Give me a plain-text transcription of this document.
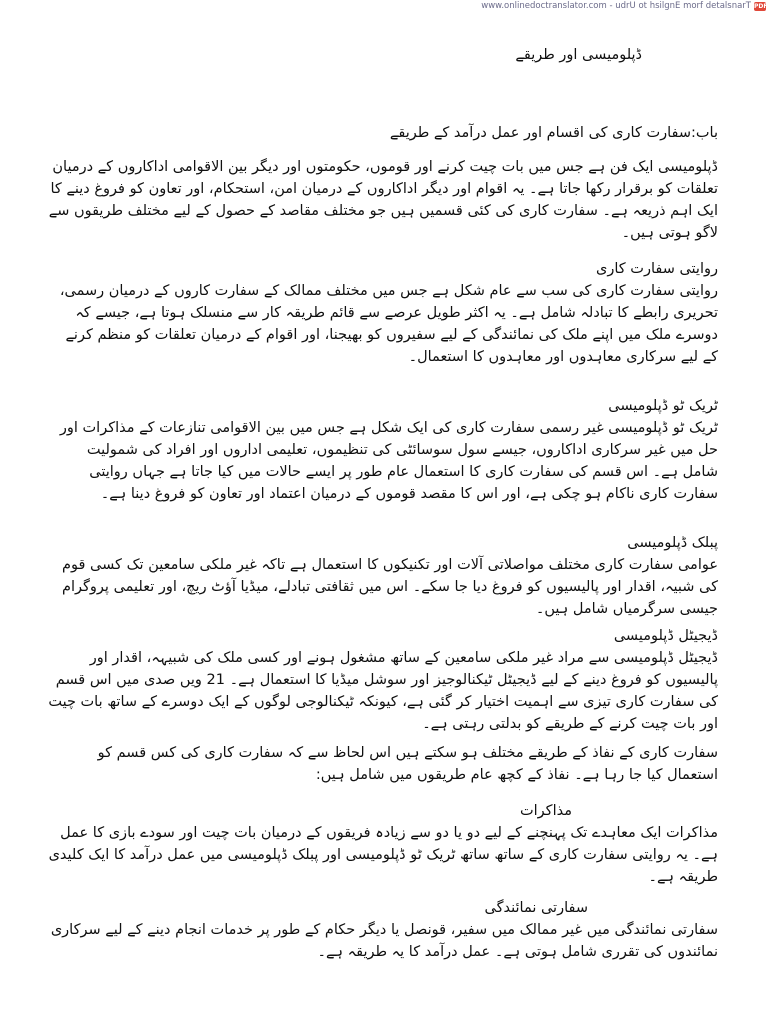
www.onlinedoctranslator.com - udrU ot hsilgnE morf detalsnarT PDF

ڈپلومیسی اور طریقے

باب:سفارت کاری کی اقسام اور عمل درآمد کے طریقے

ڈپلومیسی ایک فن ہے جس میں بات چیت کرنے اور قوموں، حکومتوں اور دیگر بین الاقوامی اداکاروں کے درمیان تعلقات کو برقرار رکھا جاتا ہے۔ یہ اقوام اور دیگر اداکاروں کے درمیان امن، استحکام، اور تعاون کو فروغ دینے کا ایک اہم ذریعہ ہے۔ سفارت کاری کی کئی قسمیں ہیں جو مختلف مقاصد کے حصول کے لیے مختلف طریقوں سے لاگو ہوتی ہیں۔

روایتی سفارت کاری

روایتی سفارت کاری کی سب سے عام شکل ہے جس میں مختلف ممالک کے سفارت کاروں کے درمیان رسمی، تحریری رابطے کا تبادلہ شامل ہے۔ یہ اکثر طویل عرصے سے قائم طریقہ کار سے منسلک ہوتا ہے، جیسے کہ دوسرے ملک میں اپنے ملک کی نمائندگی کے لیے سفیروں کو بھیجنا، اور اقوام کے درمیان تعلقات کو منظم کرنے کے لیے سرکاری معاہدوں اور معاہدوں کا استعمال۔

ٹریک ٹو ڈپلومیسی

ٹریک ٹو ڈپلومیسی غیر رسمی سفارت کاری کی ایک شکل ہے جس میں بین الاقوامی تنازعات کے مذاکرات اور حل میں غیر سرکاری اداکاروں، جیسے سول سوسائٹی کی تنظیموں، تعلیمی اداروں اور افراد کی شمولیت شامل ہے۔ اس قسم کی سفارت کاری کا استعمال عام طور پر ایسے حالات میں کیا جاتا ہے جہاں روایتی سفارت کاری ناکام ہو چکی ہے، اور اس کا مقصد قوموں کے درمیان اعتماد اور تعاون کو فروغ دینا ہے۔

پبلک ڈپلومیسی

عوامی سفارت کاری مختلف مواصلاتی آلات اور تکنیکوں کا استعمال ہے تاکہ غیر ملکی سامعین تک کسی قوم کی شبیہ، اقدار اور پالیسیوں کو فروغ دیا جا سکے۔ اس میں ثقافتی تبادلے، میڈیا آؤٹ ریچ، اور تعلیمی پروگرام جیسی سرگرمیاں شامل ہیں۔

ڈیجیٹل ڈپلومیسی

ڈیجیٹل ڈپلومیسی سے مراد غیر ملکی سامعین کے ساتھ مشغول ہونے اور کسی ملک کی شبیہہ، اقدار اور پالیسیوں کو فروغ دینے کے لیے ڈیجیٹل ٹیکنالوجیز اور سوشل میڈیا کا استعمال ہے۔ 21 ویں صدی میں اس قسم کی سفارت کاری تیزی سے اہمیت اختیار کر گئی ہے، کیونکہ ٹیکنالوجی لوگوں کے ایک دوسرے کے ساتھ بات چیت اور بات چیت کرنے کے طریقے کو بدلتی رہتی ہے۔

سفارت کاری کے نفاذ کے طریقے مختلف ہو سکتے ہیں اس لحاظ سے کہ سفارت کاری کی کس قسم کو استعمال کیا جا رہا ہے۔ نفاذ کے کچھ عام طریقوں میں شامل ہیں:

مذاکرات

مذاکرات ایک معاہدے تک پہنچنے کے لیے دو یا دو سے زیادہ فریقوں کے درمیان بات چیت اور سودے بازی کا عمل ہے۔ یہ روایتی سفارت کاری کے ساتھ ساتھ ٹریک ٹو ڈپلومیسی اور پبلک ڈپلومیسی میں عمل درآمد کا ایک کلیدی طریقہ ہے۔

سفارتی نمائندگی

سفارتی نمائندگی میں غیر ممالک میں سفیر، قونصل یا دیگر حکام کے طور پر خدمات انجام دینے کے لیے سرکاری نمائندوں کی تقرری شامل ہوتی ہے۔ عمل درآمد کا یہ طریقہ ہے۔
